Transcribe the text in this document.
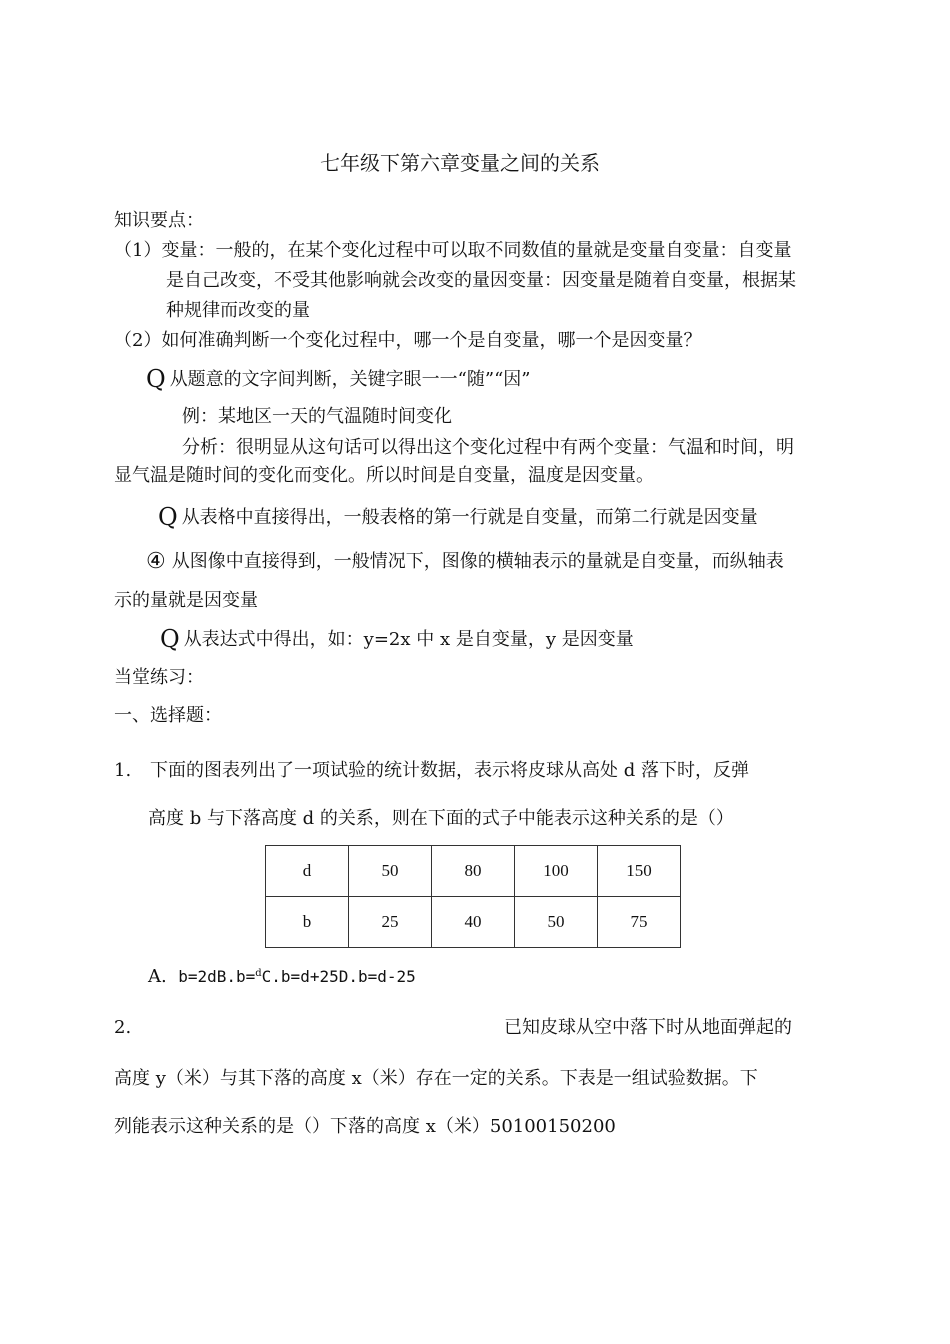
七年级下第六章变量之间的关系
知识要点：
（1）变量：一般的，在某个变化过程中可以取不同数值的量就是变量自变量：自变量
是自己改变，不受其他影响就会改变的量因变量：因变量是随着自变量，根据某
种规律而改变的量
（2）如何准确判断一个变化过程中，哪一个是自变量，哪一个是因变量？
Q 从题意的文字间判断，关键字眼一一“随”“因”
例：某地区一天的气温随时间变化
分析：很明显从这句话可以得出这个变化过程中有两个变量：气温和时间，明
显气温是随时间的变化而变化。所以时间是自变量，温度是因变量。
Q 从表格中直接得出，一般表格的第一行就是自变量，而第二行就是因变量
④ 从图像中直接得到，一般情况下，图像的横轴表示的量就是自变量，而纵轴表
示的量就是因变量
Q 从表达式中得出，如：y=2x 中 x 是自变量，y 是因变量
当堂练习：
一、选择题：
1. 下面的图表列出了一项试验的统计数据，表示将皮球从高处 d 落下时，反弹
高度 b 与下落高度 d 的关系，则在下面的式子中能表示这种关系的是（）
d	50	80	100	150
b	25	40	50	75
A. b=2dB.b=$^d$C.b=d+25D.b=d-25
2.	已知皮球从空中落下时从地面弹起的
高度 y（米）与其下落的高度 x（米）存在一定的关系。下表是一组试验数据。下
列能表示这种关系的是（）下落的高度 x（米）50100150200
